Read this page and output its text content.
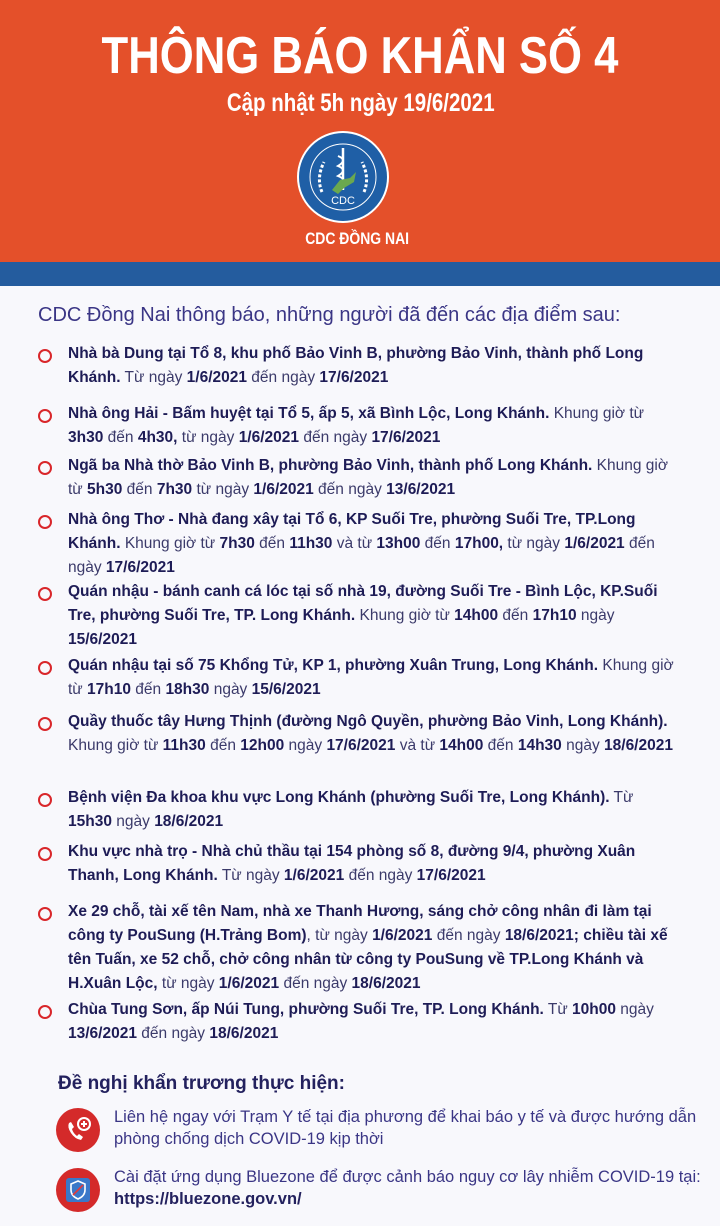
THÔNG BÁO KHẨN SỐ 4
Cập nhật 5h ngày 19/6/2021
CDC
CDC ĐỒNG NAI
CDC Đồng Nai thông báo, những người đã đến các địa điểm sau:
Nhà bà Dung tại Tổ 8, khu phố Bảo Vinh B, phường Bảo Vinh, thành phố Long Khánh. Từ ngày 1/6/2021 đến ngày 17/6/2021
Nhà ông Hải - Bấm huyệt tại Tổ 5, ấp 5, xã Bình Lộc, Long Khánh. Khung giờ từ 3h30 đến 4h30, từ ngày 1/6/2021 đến ngày 17/6/2021
Ngã ba Nhà thờ Bảo Vinh B, phường Bảo Vinh, thành phố Long Khánh. Khung giờ từ 5h30 đến 7h30 từ ngày 1/6/2021 đến ngày 13/6/2021
Nhà ông Thơ - Nhà đang xây tại Tổ 6, KP Suối Tre, phường Suối Tre, TP.Long Khánh. Khung giờ từ 7h30 đến 11h30 và từ 13h00 đến 17h00, từ ngày 1/6/2021 đến ngày 17/6/2021
Quán nhậu - bánh canh cá lóc tại số nhà 19, đường Suối Tre - Bình Lộc, KP.Suối Tre, phường Suối Tre, TP. Long Khánh. Khung giờ từ 14h00 đến 17h10 ngày 15/6/2021
Quán nhậu tại số 75 Khổng Tử, KP 1, phường Xuân Trung, Long Khánh. Khung giờ từ 17h10 đến 18h30 ngày 15/6/2021
Quầy thuốc tây Hưng Thịnh (đường Ngô Quyền, phường Bảo Vinh, Long Khánh). Khung giờ từ 11h30 đến 12h00 ngày 17/6/2021 và từ 14h00 đến 14h30 ngày 18/6/2021
Bệnh viện Đa khoa khu vực Long Khánh (phường Suối Tre, Long Khánh). Từ 15h30 ngày 18/6/2021
Khu vực nhà trọ - Nhà chủ thầu tại 154 phòng số 8, đường 9/4, phường Xuân Thanh, Long Khánh. Từ ngày 1/6/2021 đến ngày 17/6/2021
Xe 29 chỗ, tài xế tên Nam, nhà xe Thanh Hương, sáng chở công nhân đi làm tại công ty PouSung (H.Trảng Bom), từ ngày 1/6/2021 đến ngày 18/6/2021; chiều tài xế tên Tuấn, xe 52 chỗ, chở công nhân từ công ty PouSung về TP.Long Khánh và H.Xuân Lộc, từ ngày 1/6/2021 đến ngày 18/6/2021
Chùa Tung Sơn, ấp Núi Tung, phường Suối Tre, TP. Long Khánh. Từ 10h00 ngày 13/6/2021 đến ngày 18/6/2021
Đề nghị khẩn trương thực hiện:
Liên hệ ngay với Trạm Y tế tại địa phương để khai báo y tế và được hướng dẫn phòng chống dịch COVID-19 kịp thời
Cài đặt ứng dụng Bluezone để được cảnh báo nguy cơ lây nhiễm COVID-19 tại: https://bluezone.gov.vn/
